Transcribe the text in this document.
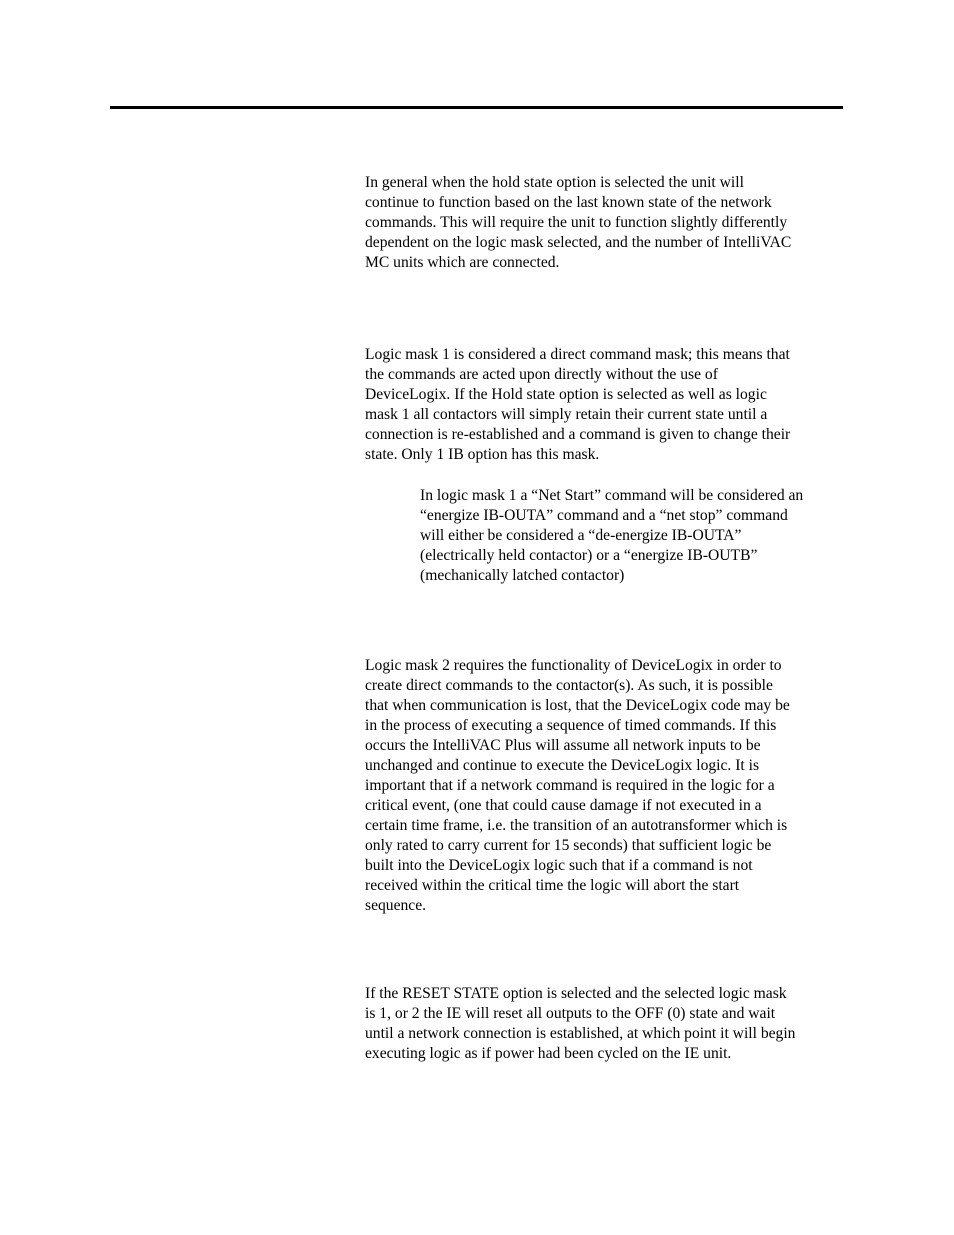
In general when the hold state option is selected the unit will
continue to function based on the last known state of the network
commands. This will require the unit to function slightly differently
dependent on the logic mask selected, and the number of IntelliVAC
MC units which are connected.
Logic mask 1 is considered a direct command mask; this means that
the commands are acted upon directly without the use of
DeviceLogix. If the Hold state option is selected as well as logic
mask 1 all contactors will simply retain their current state until a
connection is re-established and a command is given to change their
state. Only 1 IB option has this mask.
In logic mask 1 a “Net Start” command will be considered an
“energize IB-OUTA” command and a “net stop” command
will either be considered a “de-energize IB-OUTA”
(electrically held contactor) or a “energize IB-OUTB”
(mechanically latched contactor)
Logic mask 2 requires the functionality of DeviceLogix in order to
create direct commands to the contactor(s). As such, it is possible
that when communication is lost, that the DeviceLogix code may be
in the process of executing a sequence of timed commands. If this
occurs the IntelliVAC Plus will assume all network inputs to be
unchanged and continue to execute the DeviceLogix logic. It is
important that if a network command is required in the logic for a
critical event, (one that could cause damage if not executed in a
certain time frame, i.e. the transition of an autotransformer which is
only rated to carry current for 15 seconds) that sufficient logic be
built into the DeviceLogix logic such that if a command is not
received within the critical time the logic will abort the start
sequence.
If the RESET STATE option is selected and the selected logic mask
is 1, or 2 the IE will reset all outputs to the OFF (0) state and wait
until a network connection is established, at which point it will begin
executing logic as if power had been cycled on the IE unit.
